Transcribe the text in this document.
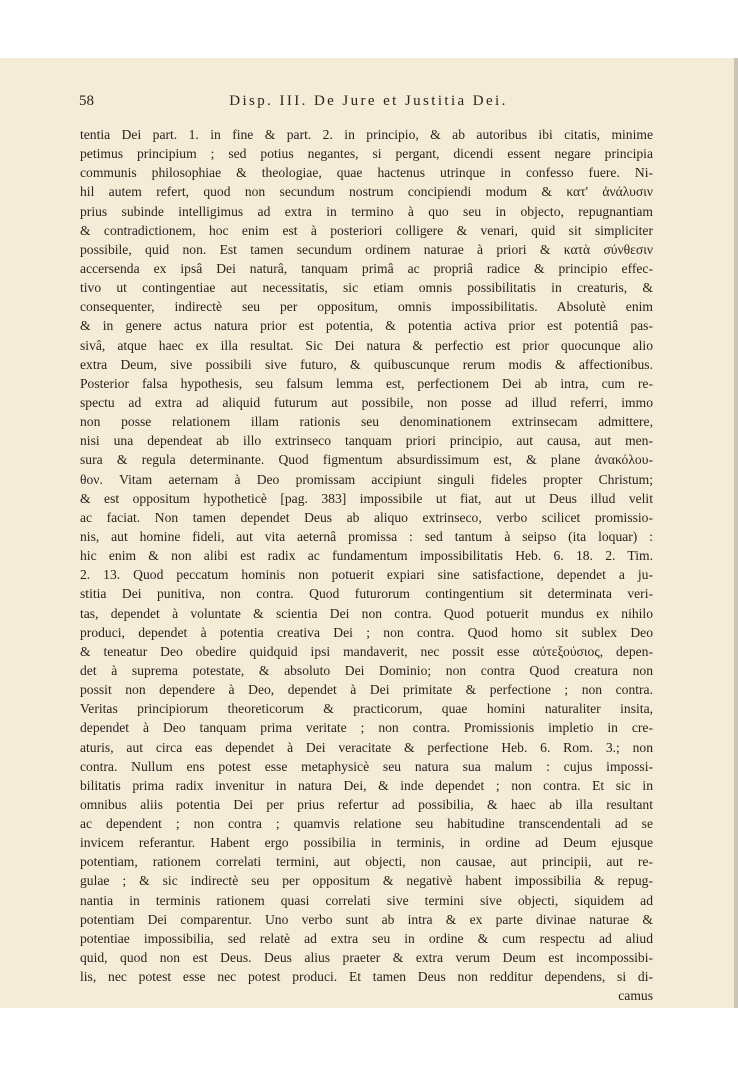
58	Disp. III. De Jure et Justitia Dei.
tentia Dei part. 1. in fine & part. 2. in principio, & ab autoribus ibi citatis, minime
petimus principium ; sed potius negantes, si pergant, dicendi essent negare principia
communis philosophiae & theologiae, quae hactenus utrinque in confesso fuere. Ni-
hil autem refert, quod non secundum nostrum concipiendi modum & κατ' ἀνάλυσιν
prius subinde intelligimus ad extra in termino à quo seu in objecto, repugnantiam
& contradictionem, hoc enim est à posteriori colligere & venari, quid sit simpliciter
possibile, quid non. Est tamen secundum ordinem naturae à priori & κατὰ σύνθεσιν
accersenda ex ipsâ Dei naturâ, tanquam primâ ac propriâ radice & principio effec-
tivo ut contingentiae aut necessitatis, sic etiam omnis possibilitatis in creaturis, &
consequenter, indirectè seu per oppositum, omnis impossibilitatis. Absolutè enim
& in genere actus natura prior est potentia, & potentia activa prior est potentiâ pas-
sivâ, atque haec ex illa resultat. Sic Dei natura & perfectio est prior quocunque alio
extra Deum, sive possibili sive futuro, & quibuscunque rerum modis & affectionibus.
Posterior falsa hypothesis, seu falsum lemma est, perfectionem Dei ab intra, cum re-
spectu ad extra ad aliquid futurum aut possibile, non posse ad illud referri, immo
non posse relationem illam rationis seu denominationem extrinsecam admittere,
nisi una dependeat ab illo extrinseco tanquam priori principio, aut causa, aut men-
sura & regula determinante. Quod figmentum absurdissimum est, & plane ἀνακόλου-
θον. Vitam aeternam à Deo promissam accipiunt singuli fideles propter Christum;
& est oppositum hypotheticè [pag. 383] impossibile ut fiat, aut ut Deus illud velit
ac faciat. Non tamen dependet Deus ab aliquo extrinseco, verbo scilicet promissio-
nis, aut homine fideli, aut vita aeternâ promissa : sed tantum à seipso (ita loquar) :
hic enim & non alibi est radix ac fundamentum impossibilitatis Heb. 6. 18. 2. Tim.
2. 13. Quod peccatum hominis non potuerit expiari sine satisfactione, dependet a ju-
stitia Dei punitiva, non contra. Quod futurorum contingentium sit determinata veri-
tas, dependet à voluntate & scientia Dei non contra. Quod potuerit mundus ex nihilo
produci, dependet à potentia creativa Dei ; non contra. Quod homo sit sublex Deo
& teneatur Deo obedire quidquid ipsi mandaverit, nec possit esse αὐτεξούσιος, depen-
det à suprema potestate, & absoluto Dei Dominio; non contra Quod creatura non
possit non dependere à Deo, dependet à Dei primitate & perfectione ; non contra.
Veritas principiorum theoreticorum & practicorum, quae homini naturaliter insita,
dependet à Deo tanquam prima veritate ; non contra. Promissionis impletio in cre-
aturis, aut circa eas dependet à Dei veracitate & perfectione Heb. 6. Rom. 3.; non
contra. Nullum ens potest esse metaphysicè seu natura sua malum : cujus impossi-
bilitatis prima radix invenitur in natura Dei, & inde dependet ; non contra. Et sic in
omnibus aliis potentia Dei per prius refertur ad possibilia, & haec ab illa resultant
ac dependent ; non contra ; quamvis relatione seu habitudine transcendentali ad se
invicem referantur. Habent ergo possibilia in terminis, in ordine ad Deum ejusque
potentiam, rationem correlati termini, aut objecti, non causae, aut principii, aut re-
gulae ; & sic indirectè seu per oppositum & negativè habent impossibilia & repug-
nantia in terminis rationem quasi correlati sive termini sive objecti, siquidem ad
potentiam Dei comparentur. Uno verbo sunt ab intra & ex parte divinae naturae &
potentiae impossibilia, sed relatè ad extra seu in ordine & cum respectu ad aliud
quid, quod non est Deus. Deus alius praeter & extra verum Deum est incompossibi-
lis, nec potest esse nec potest produci. Et tamen Deus non redditur dependens, si di-
camus
